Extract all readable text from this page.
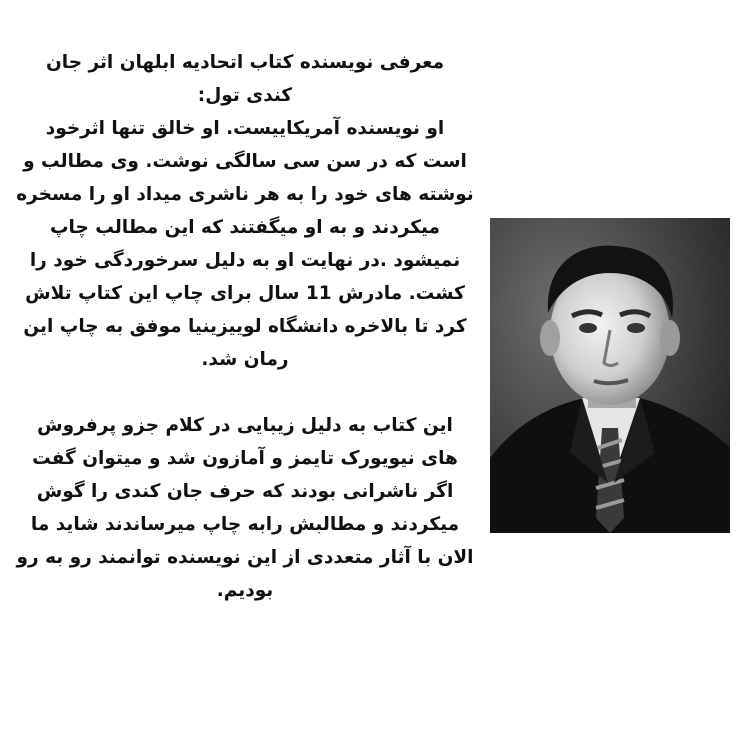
معرفی نویسنده کتاب اتحادیه ابلهان اثر جان
کندی تول:

او نویسنده آمریکاییست. او خالق تنها اثرخود
است که در سن سی سالگی نوشت. وی مطالب و
نوشته های خود را به هر ناشری میداد او را مسخره
میکردند و به او میگفتند که این مطالب چاپ
نمیشود .در نهایت او به دلیل سرخوردگی خود را
کشت. مادرش 11 سال برای چاپ این کتاپ تلاش
کرد تا بالاخره دانشگاه لوییزینیا موفق به چاپ این
رمان شد.

این کتاب به دلیل زیبایی در کلام جزو پرفروش
های نیویورک تایمز و آمازون شد و میتوان گفت
اگر ناشرانی بودند که حرف جان کندی را گوش
میکردند و مطالبش رابه چاپ میرساندند شاید ما
الان با آثار متعددی از این نویسنده توانمند رو به رو
بودیم.
